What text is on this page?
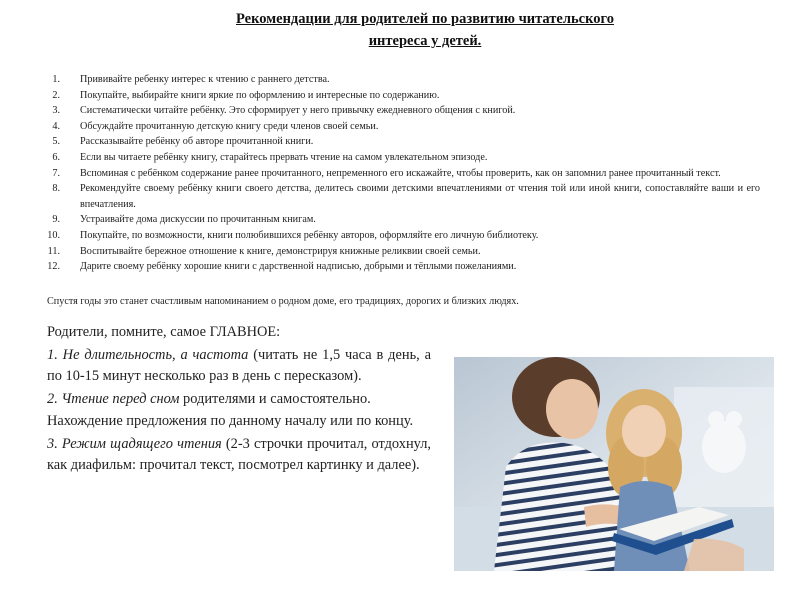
Рекомендации для родителей по развитию читательского
интереса у детей.
1. Прививайте ребенку интерес к чтению с раннего детства.
2. Покупайте, выбирайте книги яркие по оформлению и интересные по содержанию.
3. Систематически читайте ребёнку. Это сформирует у него привычку ежедневного общения с книгой.
4. Обсуждайте прочитанную детскую книгу среди членов своей семьи.
5. Рассказывайте ребёнку об авторе прочитанной книги.
6. Если вы читаете ребёнку книгу, старайтесь прервать чтение на самом увлекательном эпизоде.
7. Вспоминая с ребёнком содержание ранее прочитанного, непременного его искажайте, чтобы проверить, как он запомнил ранее прочитанный текст.
8. Рекомендуйте своему ребёнку книги своего детства, делитесь своими детскими впечатлениями от чтения той или иной книги, сопоставляйте ваши и его впечатления.
9. Устраивайте дома дискуссии по прочитанным книгам.
10. Покупайте, по возможности, книги полюбившихся ребёнку авторов, оформляйте его личную библиотеку.
11. Воспитывайте бережное отношение к книге, демонстрируя книжные реликвии своей семьи.
12. Дарите своему ребёнку хорошие книги с дарственной надписью, добрыми и тёплыми пожеланиями.
Спустя годы это станет счастливым напоминанием о родном доме, его традициях, дорогих и близких людях.

Родители, помните, самое ГЛАВНОЕ:

1. Не длительность, а частота (читать не 1,5 часа в день, а по 10-15 минут несколько раз в день с пересказом).

2. Чтение перед сном родителями и самостоятельно.

Нахождение предложения по данному началу или по концу.

3. Режим щадящего чтения (2-3 строчки прочитал, отдохнул, как диафильм: прочитал текст, посмотрел картинку и далее).
